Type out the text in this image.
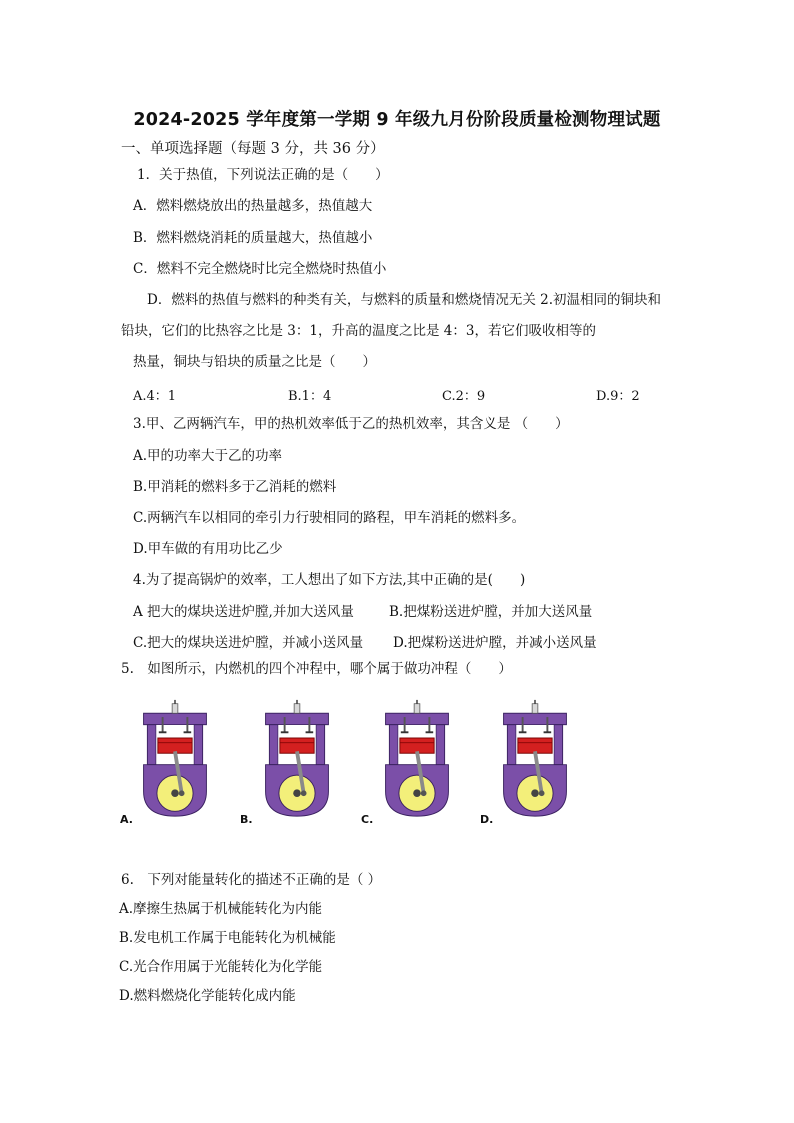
2024-2025 学年度第一学期 9 年级九月份阶段质量检测物理试题
一、单项选择题（每题 3 分，共 36 分）
1．关于热值，下列说法正确的是（　　）
A．燃料燃烧放出的热量越多，热值越大
B．燃料燃烧消耗的质量越大，热值越小
C．燃料不完全燃烧时比完全燃烧时热值小
D．燃料的热值与燃料的种类有关，与燃料的质量和燃烧情况无关 2.初温相同的铜块和
铅块，它们的比热容之比是 3：1，升高的温度之比是 4：3，若它们吸收相等的
热量，铜块与铅块的质量之比是（　　）
A.4：1	B.1：4	C.2：9	D.9：2
3.甲、乙两辆汽车，甲的热机效率低于乙的热机效率，其含义是 （　　）
A.甲的功率大于乙的功率
B.甲消耗的燃料多于乙消耗的燃料
C.两辆汽车以相同的牵引力行驶相同的路程，甲车消耗的燃料多。
D.甲车做的有用功比乙少
4.为了提高锅炉的效率，工人想出了如下方法,其中正确的是(　　)
A 把大的煤块送进炉膛,并加大送风量	B.把煤粉送进炉膛，并加大送风量
C.把大的煤块送进炉膛，并减小送风量 D.把煤粉送进炉膛，并减小送风量
5.　如图所示，内燃机的四个冲程中，哪个属于做功冲程（　　）
A.	B.	C.	D.
6.　下列对能量转化的描述不正确的是（ ）
A.摩擦生热属于机械能转化为内能
B.发电机工作属于电能转化为机械能
C.光合作用属于光能转化为化学能
D.燃料燃烧化学能转化成内能
